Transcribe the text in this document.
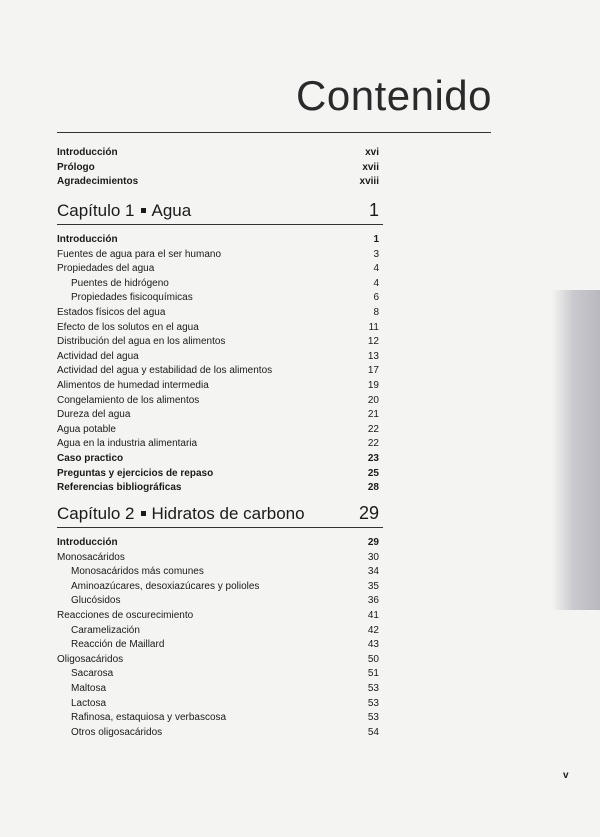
Contenido
Introducción	xvi
Prólogo	xvii
Agradecimientos	xviii
Capítulo 1 Agua	1
Introducción	1
Fuentes de agua para el ser humano	3
Propiedades del agua	4
Puentes de hidrógeno	4
Propiedades fisicoquímicas	6
Estados físicos del agua	8
Efecto de los solutos en el agua	11
Distribución del agua en los alimentos	12
Actividad del agua	13
Actividad del agua y estabilidad de los alimentos	17
Alimentos de humedad intermedia	19
Congelamiento de los alimentos	20
Dureza del agua	21
Agua potable	22
Agua en la industria alimentaria	22
Caso practico	23
Preguntas y ejercicios de repaso	25
Referencias bibliográficas	28
Capítulo 2 Hidratos de carbono	29
Introducción	29
Monosacáridos	30
Monosacáridos más comunes	34
Aminoazúcares, desoxiazúcares y polioles	35
Glucósidos	36
Reacciones de oscurecimiento	41
Caramelización	42
Reacción de Maillard	43
Oligosacáridos	50
Sacarosa	51
Maltosa	53
Lactosa	53
Rafinosa, estaquiosa y verbascosa	53
Otros oligosacáridos	54
v
